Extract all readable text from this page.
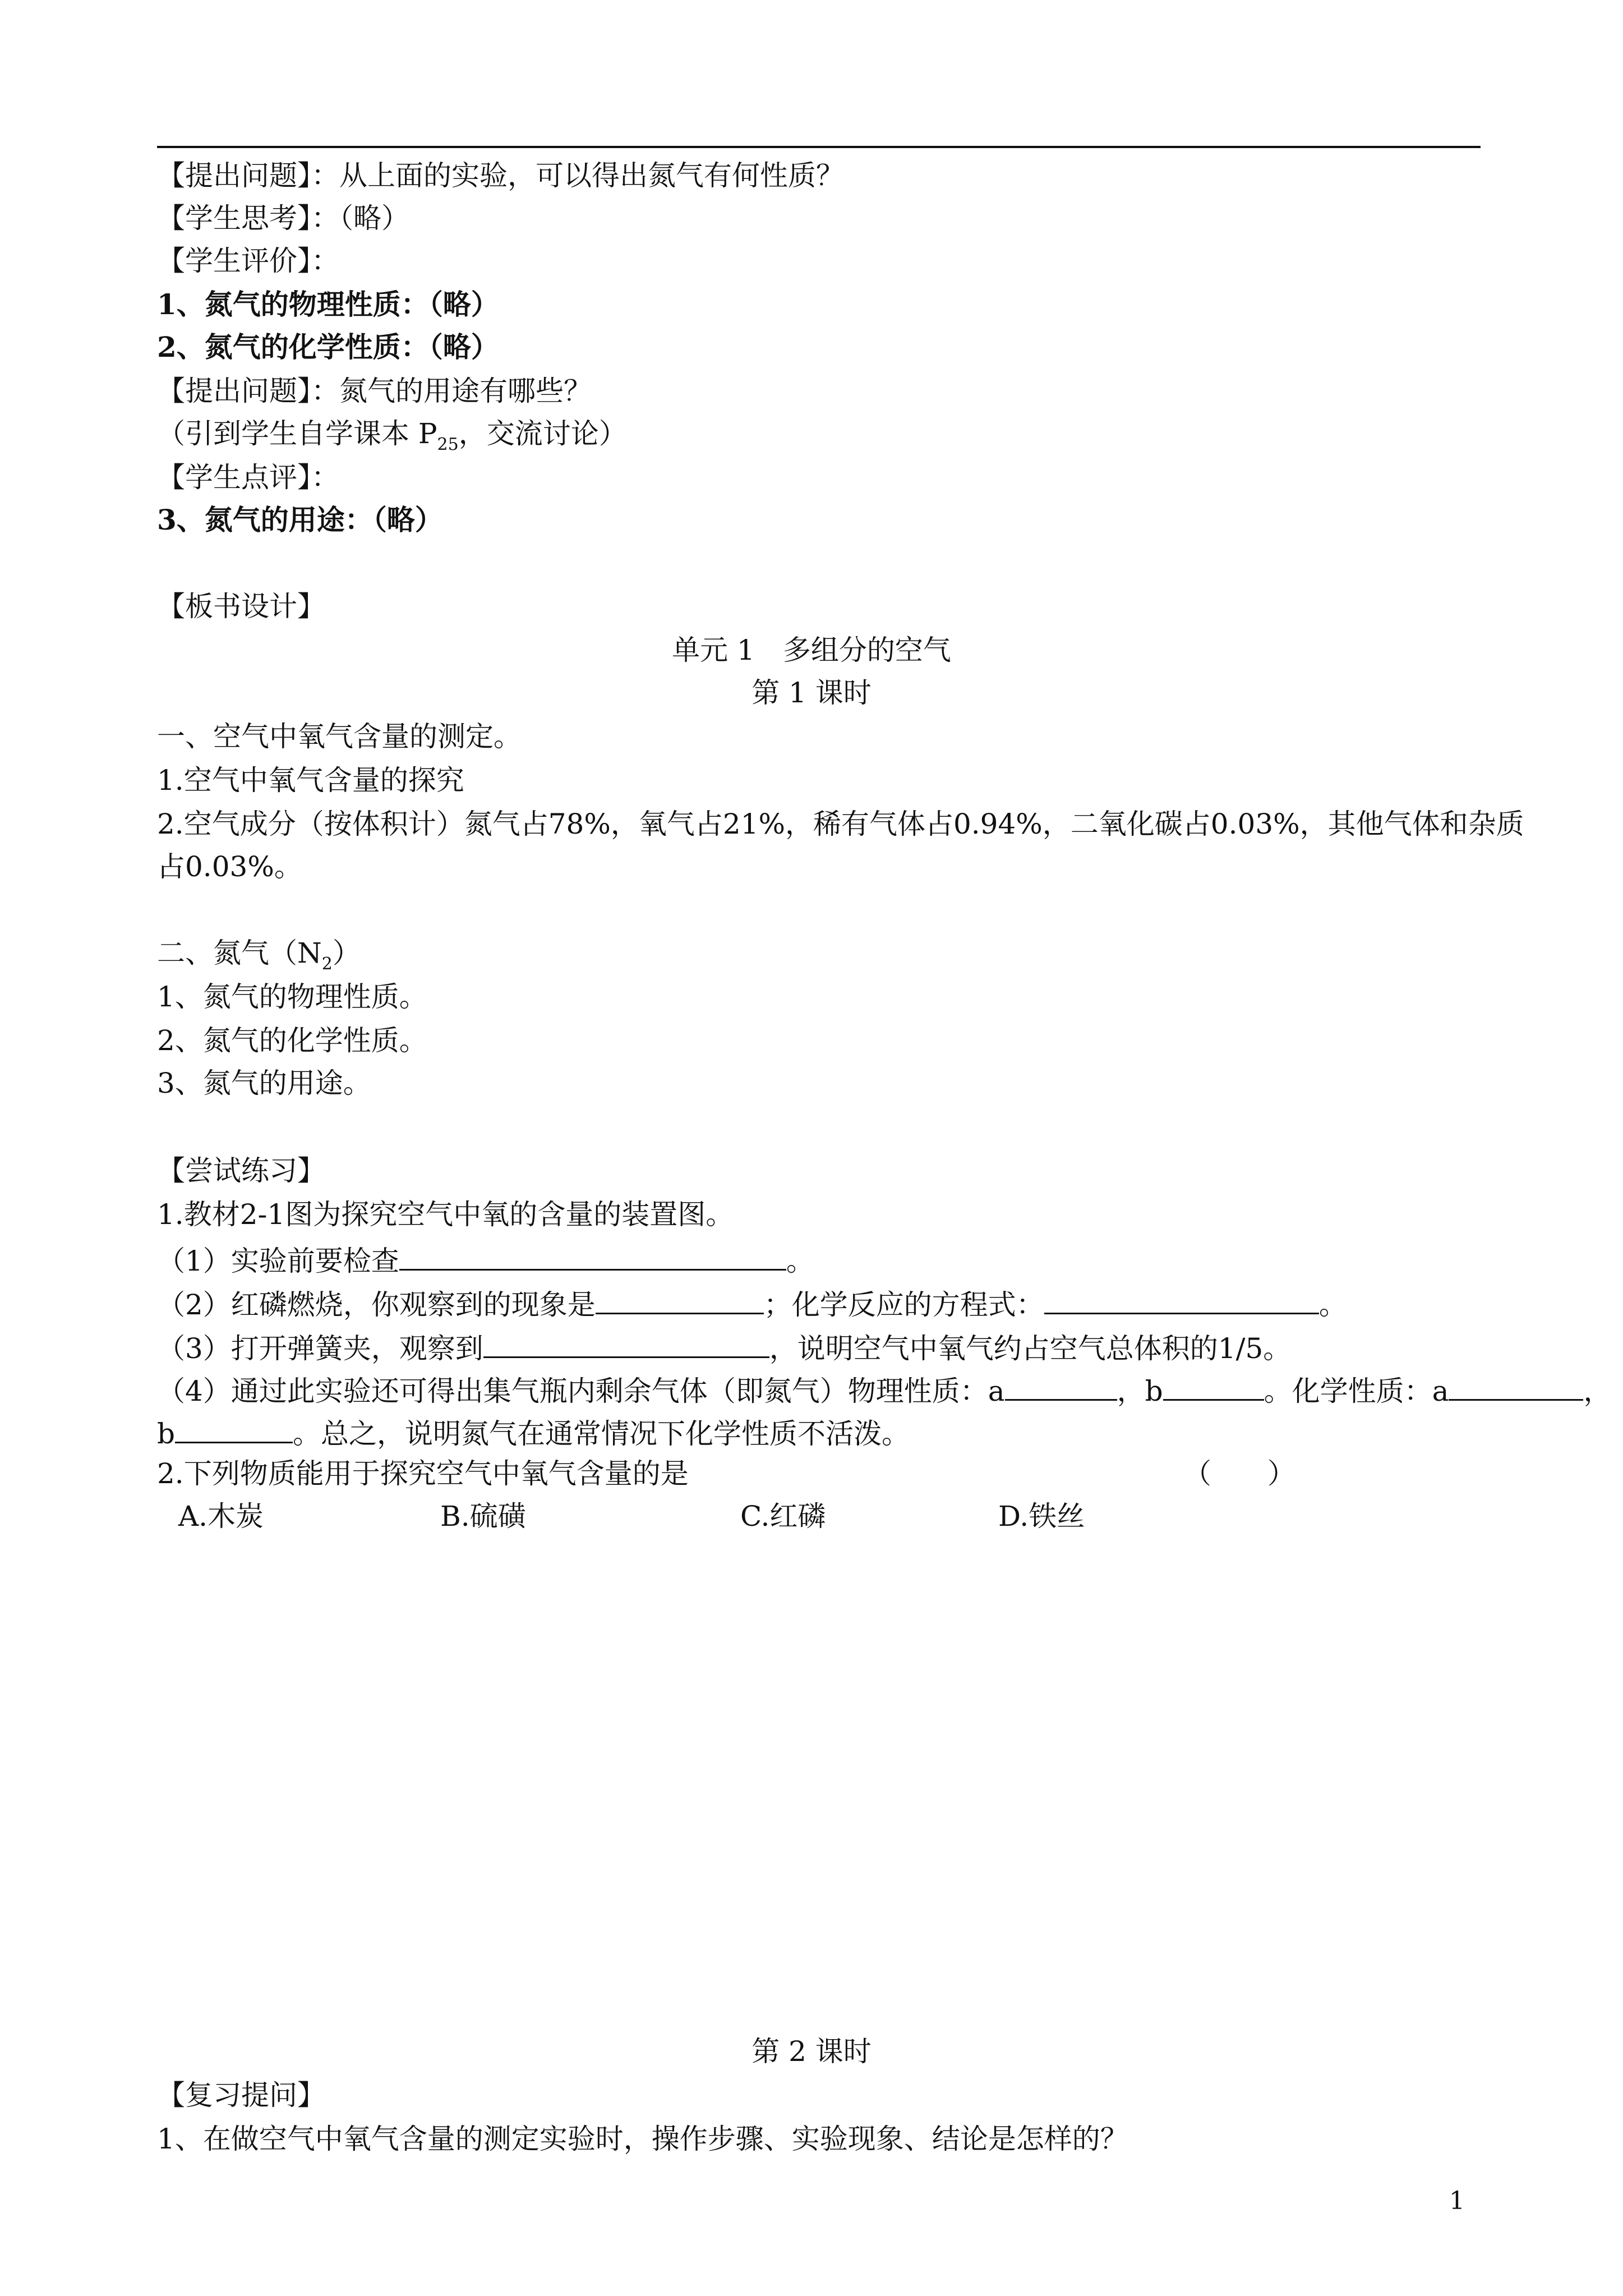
【提出问题】：从上面的实验，可以得出氮气有何性质？
【学生思考】：（略）
【学生评价】：
1、氮气的物理性质：（略）
2、氮气的化学性质：（略）
【提出问题】：氮气的用途有哪些？
（引到学生自学课本 $P_{25}$，交流讨论）
【学生点评】：
3、氮气的用途：（略）
【板书设计】
单元 1　多组分的空气
第 1 课时
一、空气中氧气含量的测定。
1.空气中氧气含量的探究
2.空气成分（按体积计）氮气占78%，氧气占21%，稀有气体占0.94%，二氧化碳占0.03%，其他气体和杂质
占0.03%。
二、氮气$(N_2)$
1、氮气的物理性质。
2、氮气的化学性质。
3、氮气的用途。
【尝试练习】
1.教材2-1图为探究空气中氧的含量的装置图。
（1）实验前要检查	。
（2）红磷燃烧，你观察到的现象是	；化学反应的方程式：	。
（3）打开弹簧夹，观察到	，说明空气中氧气约占空气总体积的1/5。
（4）通过此实验还可得出集气瓶内剩余气体（即氮气）物理性质：a	，b	。化学性质：a	，
b	。总之，说明氮气在通常情况下化学性质不活泼。
2.下列物质能用于探究空气中氧气含量的是	（　　）
A.木炭	B.硫磺	C.红磷	D.铁丝
第 2 课时
【复习提问】
1、在做空气中氧气含量的测定实验时，操作步骤、实验现象、结论是怎样的？
1
